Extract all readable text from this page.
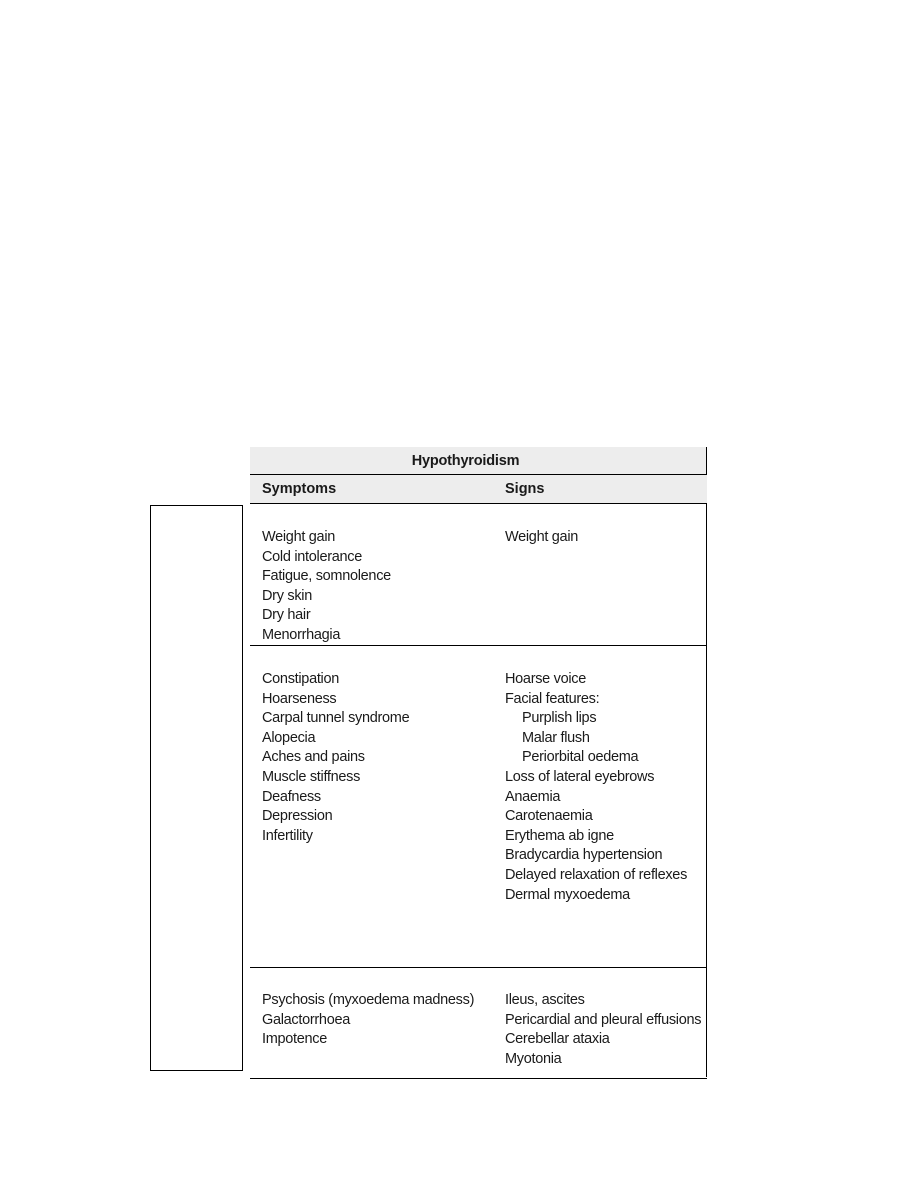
Hypothyroidism
Symptoms	Signs
Weight gain
Cold intolerance
Fatigue, somnolence
Dry skin
Dry hair
Menorrhagia
Weight gain
Constipation
Hoarseness
Carpal tunnel syndrome
Alopecia
Aches and pains
Muscle stiffness
Deafness
Depression
Infertility
Hoarse voice
Facial features:
Purplish lips
Malar flush
Periorbital oedema
Loss of lateral eyebrows
Anaemia
Carotenaemia
Erythema ab igne
Bradycardia hypertension
Delayed relaxation of reflexes
Dermal myxoedema
Psychosis (myxoedema madness)
Galactorrhoea
Impotence
Ileus, ascites
Pericardial and pleural effusions
Cerebellar ataxia
Myotonia
